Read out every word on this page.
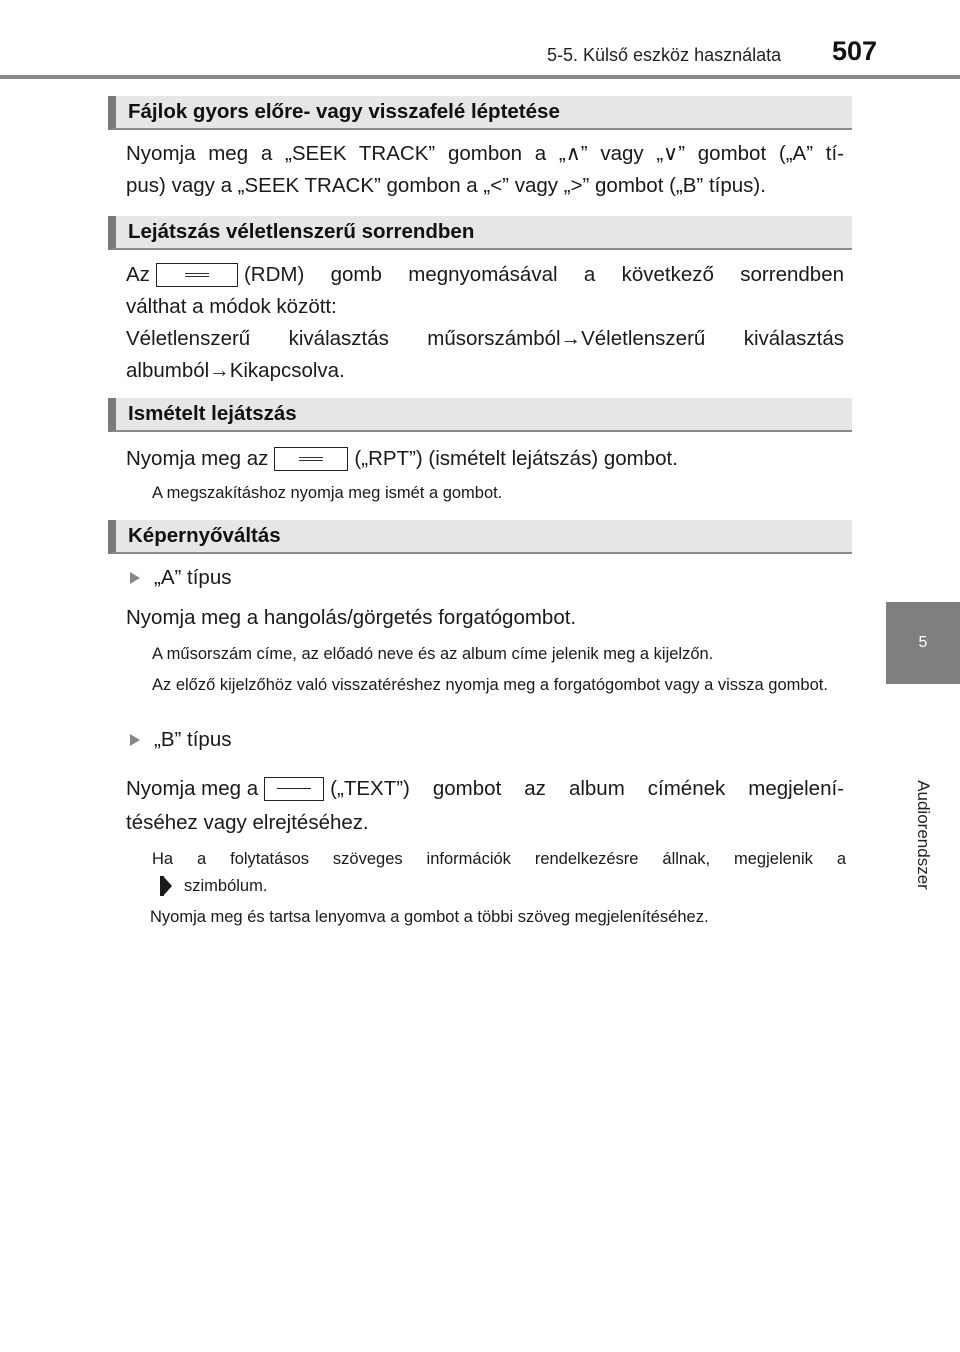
5-5. Külső eszköz használata 507
5
Audiorendszer
Fájlok gyors előre- vagy visszafelé léptetése
Nyomja meg a „SEEK TRACK” gombon a „∧” vagy „∨” gombot („A” tí-
pus) vagy a „SEEK TRACK” gombon a „<” vagy „>” gombot („B” típus).
Lejátszás véletlenszerű sorrendben
Az	(RDM) gomb megnyomásával a következő sorrendben
válthat a módok között:
Véletlenszerű kiválasztás műsorszámból→Véletlenszerű kiválasztás
albumból→Kikapcsolva.
Ismételt lejátszás
Nyomja meg az	(„RPT”) (ismételt lejátszás) gombot.
A megszakításhoz nyomja meg ismét a gombot.
Képernyőváltás
„A” típus
Nyomja meg a hangolás/görgetés forgatógombot.
A műsorszám címe, az előadó neve és az album címe jelenik meg a kijelzőn.
Az előző kijelzőhöz való visszatéréshez nyomja meg a forgatógombot vagy a vissza gombot.
„B” típus
Nyomja meg a	(„TEXT”) gombot az album címének megjelení-
téséhez vagy elrejtéséhez.
Ha a folytatásos szöveges információk rendelkezésre állnak, megjelenik a
szimbólum.
Nyomja meg és tartsa lenyomva a gombot a többi szöveg megjelenítéséhez.
